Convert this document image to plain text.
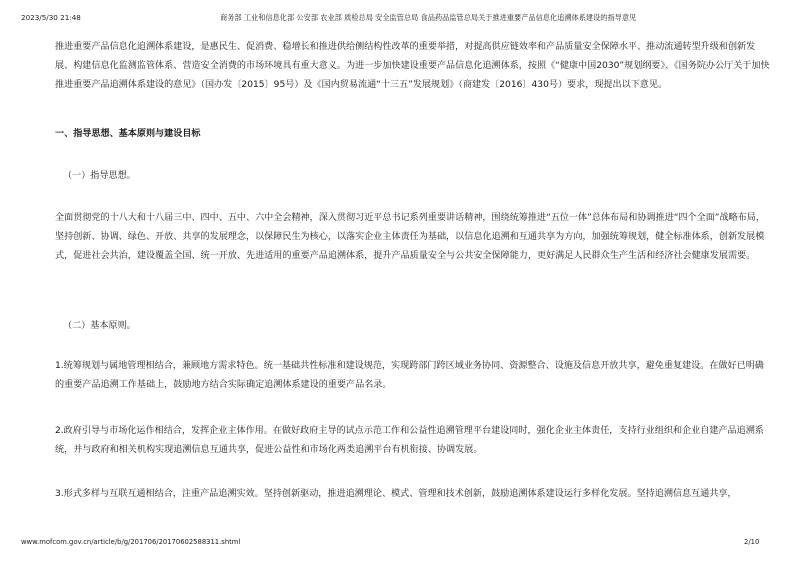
2023/5/30 21:48	商务部 工业和信息化部 公安部 农业部 质检总局 安全监管总局 食品药品监管总局关于推进重要产品信息化追溯体系建设的指导意见

推进重要产品信息化追溯体系建设，是惠民生、促消费、稳增长和推进供给侧结构性改革的重要举措，对提高供应链效率和产品质量安全保障水平、推动流通转型升级和创新发展、构建信息化监测监管体系、营造安全消费的市场环境具有重大意义。为进一步加快建设重要产品信息化追溯体系，按照《“健康中国2030”规划纲要》、《国务院办公厅关于加快推进重要产品追溯体系建设的意见》（国办发〔2015〕95号）及《国内贸易流通“十三五”发展规划》（商建发〔2016〕430号）要求，现提出以下意见。

一、指导思想、基本原则与建设目标

（一）指导思想。

全面贯彻党的十八大和十八届三中、四中、五中、六中全会精神，深入贯彻习近平总书记系列重要讲话精神，围绕统筹推进“五位一体”总体布局和协调推进“四个全面”战略布局，坚持创新、协调、绿色、开放、共享的发展理念，以保障民生为核心，以落实企业主体责任为基础，以信息化追溯和互通共享为方向，加强统筹规划，健全标准体系，创新发展模式，促进社会共治，建设覆盖全国、统一开放、先进适用的重要产品追溯体系，提升产品质量安全与公共安全保障能力，更好满足人民群众生产生活和经济社会健康发展需要。

（二）基本原则。

1.统筹规划与属地管理相结合，兼顾地方需求特色。统一基础共性标准和建设规范，实现跨部门跨区域业务协同、资源整合、设施及信息开放共享，避免重复建设。在做好已明确的重要产品追溯工作基础上，鼓励地方结合实际确定追溯体系建设的重要产品名录。

2.政府引导与市场化运作相结合，发挥企业主体作用。在做好政府主导的试点示范工作和公益性追溯管理平台建设同时，强化企业主体责任，支持行业组织和企业自建产品追溯系统，并与政府和相关机构实现追溯信息互通共享，促进公益性和市场化两类追溯平台有机衔接、协调发展。

3.形式多样与互联互通相结合，注重产品追溯实效。坚持创新驱动，推进追溯理论、模式、管理和技术创新，鼓励追溯体系建设运行多样化发展。坚持追溯信息互通共享，

www.mofcom.gov.cn/article/b/g/201706/20170602588311.shtml	2/10
